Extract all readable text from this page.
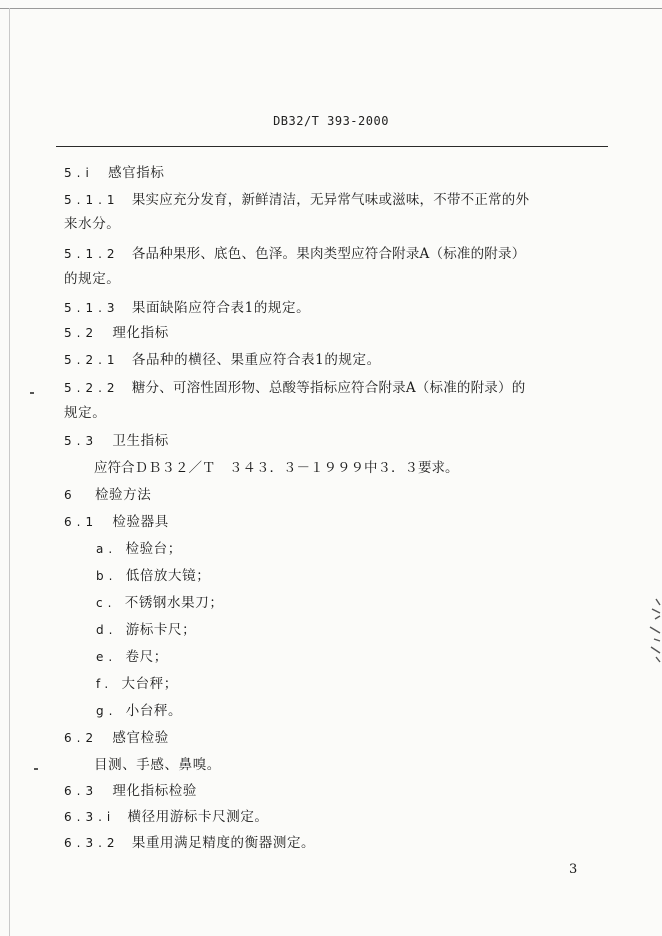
DB32/T 393-2000
5.i 感官指标
5.1.1 果实应充分发育，新鲜清洁，无异常气味或滋味，不带不正常的外
来水分。
5.1.2 各品种果形、底色、色泽。果肉类型应符合附录A（标准的附录）
的规定。
5.1.3 果面缺陷应符合表1的规定。
5.2 理化指标
5.2.1 各品种的横径、果重应符合表1的规定。
5.2.2 糖分、可溶性固形物、总酸等指标应符合附录A（标准的附录）的
规定。
5.3 卫生指标
应符合ＤＢ３２／Ｔ　３４３．３－１９９９中３．３要求。
6 检验方法
6.1 检验器具
a. 检验台；
b. 低倍放大镜；
c. 不锈钢水果刀；
d. 游标卡尺；
e. 卷尺；
f. 大台秤；
g. 小台秤。
6.2 感官检验
目测、手感、鼻嗅。
6.3 理化指标检验
6.3.i 横径用游标卡尺测定。
6.3.2 果重用满足精度的衡器测定。
3
